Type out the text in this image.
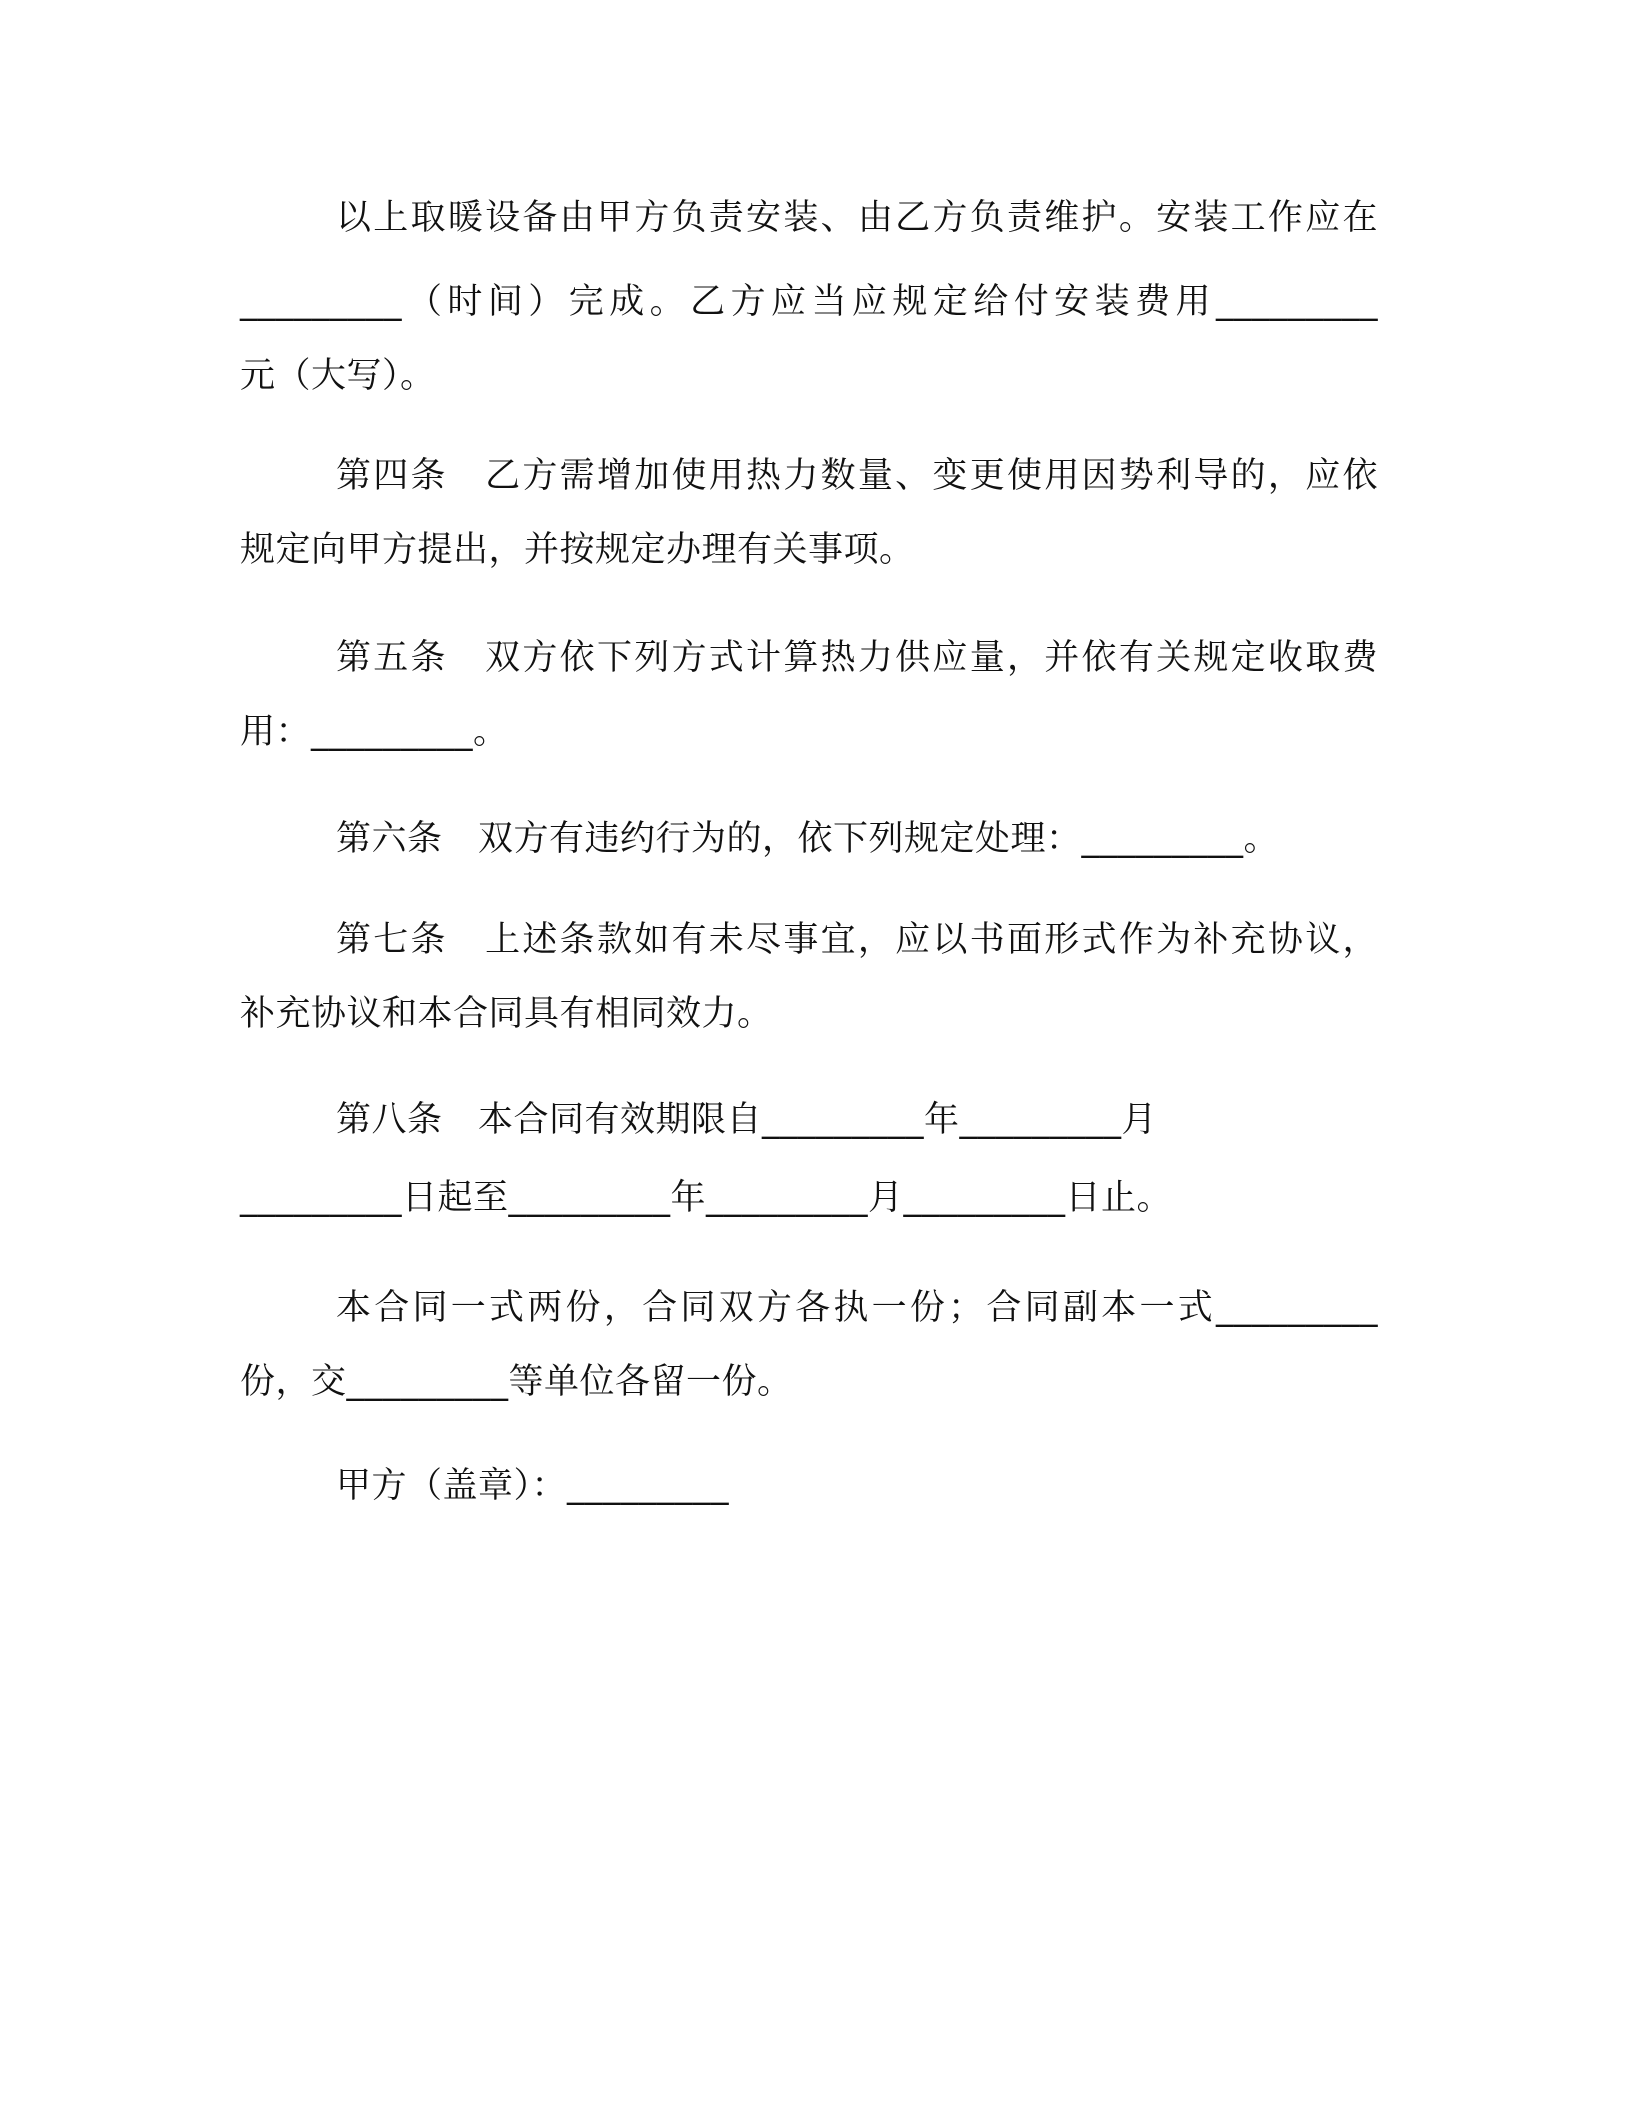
以上取暖设备由甲方负责安装、由乙方负责维护。安装工作应在
_________（时间）完成。乙方应当应规定给付安装费用_________
元（大写）。
第四条　乙方需增加使用热力数量、变更使用因势利导的，应依
规定向甲方提出，并按规定办理有关事项。
第五条　双方依下列方式计算热力供应量，并依有关规定收取费
用：_________。
第六条　双方有违约行为的，依下列规定处理：_________。
第七条　上述条款如有未尽事宜，应以书面形式作为补充协议，
补充协议和本合同具有相同效力。
第八条　本合同有效期限自_________年_________月
_________日起至_________年_________月_________日止。
本合同一式两份，合同双方各执一份；合同副本一式_________
份，交_________等单位各留一份。
甲方（盖章）：_________
